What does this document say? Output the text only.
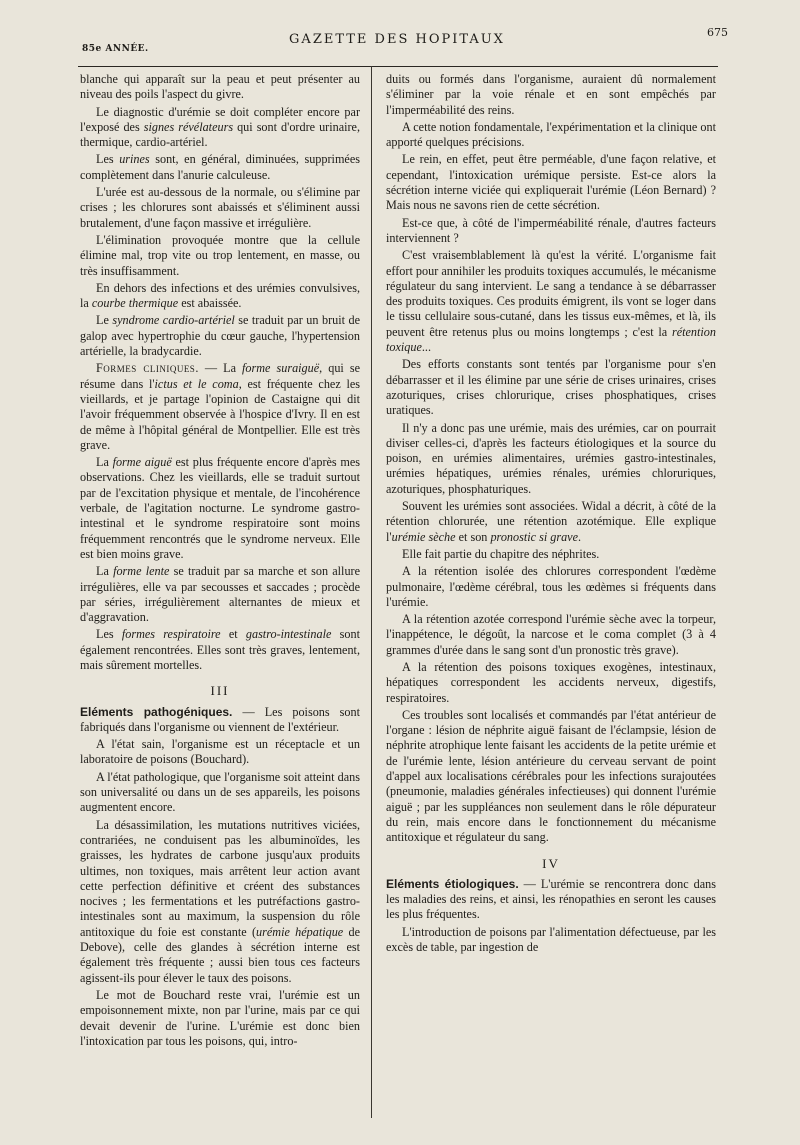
85e ANNÉE.
GAZETTE DES HOPITAUX	675

blanche qui apparaît sur la peau et peut présenter au niveau des poils l'aspect du givre.

Le diagnostic d'urémie se doit compléter encore par l'exposé des signes révélateurs qui sont d'ordre urinaire, thermique, cardio-artériel.

Les urines sont, en général, diminuées, supprimées complètement dans l'anurie calculeuse.

L'urée est au-dessous de la normale, ou s'élimine par crises ; les chlorures sont abaissés et s'éliminent aussi brutalement, d'une façon massive et irrégulière.

L'élimination provoquée montre que la cellule élimine mal, trop vite ou trop lentement, en masse, ou très insuffisamment.

En dehors des infections et des urémies convulsives, la courbe thermique est abaissée.

Le syndrome cardio-artériel se traduit par un bruit de galop avec hypertrophie du cœur gauche, l'hypertension artérielle, la bradycardie.

Formes cliniques. — La forme suraiguë, qui se résume dans l'ictus et le coma, est fréquente chez les vieillards, et je partage l'opinion de Castaigne qui dit l'avoir fréquemment observée à l'hospice d'Ivry. Il en est de même à l'hôpital général de Montpellier. Elle est très grave.

La forme aiguë est plus fréquente encore d'après mes observations. Chez les vieillards, elle se traduit surtout par de l'excitation physique et mentale, de l'incohérence verbale, de l'agitation nocturne. Le syndrome gastro-intestinal et le syndrome respiratoire sont moins fréquemment rencontrés que le syndrome nerveux. Elle est bien moins grave.

La forme lente se traduit par sa marche et son allure irrégulières, elle va par secousses et saccades ; procède par séries, irrégulièrement alternantes de mieux et d'aggravation.

Les formes respiratoire et gastro-intestinale sont également rencontrées. Elles sont très graves, lentement, mais sûrement mortelles.

III

Eléments pathogéniques. — Les poisons sont fabriqués dans l'organisme ou viennent de l'extérieur.

A l'état sain, l'organisme est un réceptacle et un laboratoire de poisons (Bouchard).

A l'état pathologique, que l'organisme soit atteint dans son universalité ou dans un de ses appareils, les poisons augmentent encore.

La désassimilation, les mutations nutritives viciées, contrariées, ne conduisent pas les albuminoïdes, les graisses, les hydrates de carbone jusqu'aux produits ultimes, non toxiques, mais arrêtent leur action avant cette perfection définitive et créent des substances nocives ; les fermentations et les putréfactions gastro-intestinales sont au maximum, la suspension du rôle antitoxique du foie est constante (urémie hépatique de Debove), celle des glandes à sécrétion interne est également très fréquente ; aussi bien tous ces facteurs agissent-ils pour élever le taux des poisons.

Le mot de Bouchard reste vrai, l'urémie est un empoisonnement mixte, non par l'urine, mais par ce qui devait devenir de l'urine. L'urémie est donc bien l'intoxication par tous les poisons, qui, intro-

duits ou formés dans l'organisme, auraient dû normalement s'éliminer par la voie rénale et en sont empêchés par l'imperméabilité des reins.

A cette notion fondamentale, l'expérimentation et la clinique ont apporté quelques précisions.

Le rein, en effet, peut être perméable, d'une façon relative, et cependant, l'intoxication urémique persiste. Est-ce alors la sécrétion interne viciée qui expliquerait l'urémie (Léon Bernard) ? Mais nous ne savons rien de cette sécrétion.

Est-ce que, à côté de l'imperméabilité rénale, d'autres facteurs interviennent ?

C'est vraisemblablement là qu'est la vérité. L'organisme fait effort pour annihiler les produits toxiques accumulés, le mécanisme régulateur du sang intervient. Le sang a tendance à se débarrasser des produits toxiques. Ces produits émigrent, ils vont se loger dans le tissu cellulaire sous-cutané, dans les tissus eux-mêmes, et là, ils peuvent être retenus plus ou moins longtemps ; c'est la rétention toxique...

Des efforts constants sont tentés par l'organisme pour s'en débarrasser et il les élimine par une série de crises urinaires, crises azoturiques, crises chlorurique, crises phosphatiques, crises uratiques.

Il n'y a donc pas une urémie, mais des urémies, car on pourrait diviser celles-ci, d'après les facteurs étiologiques et la source du poison, en urémies alimentaires, urémies gastro-intestinales, urémies hépatiques, urémies rénales, urémies chloruriques, azoturiques, phosphaturiques.

Souvent les urémies sont associées. Widal a décrit, à côté de la rétention chlorurée, une rétention azotémique. Elle explique l'urémie sèche et son pronostic si grave.

Elle fait partie du chapitre des néphrites.

A la rétention isolée des chlorures correspondent l'œdème pulmonaire, l'œdème cérébral, tous les œdèmes si fréquents dans l'urémie.

A la rétention azotée correspond l'urémie sèche avec la torpeur, l'inappétence, le dégoût, la narcose et le coma complet (3 à 4 grammes d'urée dans le sang sont d'un pronostic très grave).

A la rétention des poisons toxiques exogènes, intestinaux, hépatiques correspondent les accidents nerveux, digestifs, respiratoires.

Ces troubles sont localisés et commandés par l'état antérieur de l'organe : lésion de néphrite aiguë faisant de l'éclampsie, lésion de néphrite atrophique lente faisant les accidents de la petite urémie et de l'urémie lente, lésion antérieure du cerveau servant de point d'appel aux localisations cérébrales pour les infections surajoutées (pneumonie, maladies générales infectieuses) qui donnent l'urémie aiguë ; par les suppléances non seulement dans le rôle dépurateur du rein, mais encore dans le fonctionnement du mécanisme antitoxique et régulateur du sang.

IV

Eléments étiologiques. — L'urémie se rencontrera donc dans les maladies des reins, et ainsi, les rénopathies en seront les causes les plus fréquentes.

L'introduction de poisons par l'alimentation défectueuse, par les excès de table, par ingestion de
